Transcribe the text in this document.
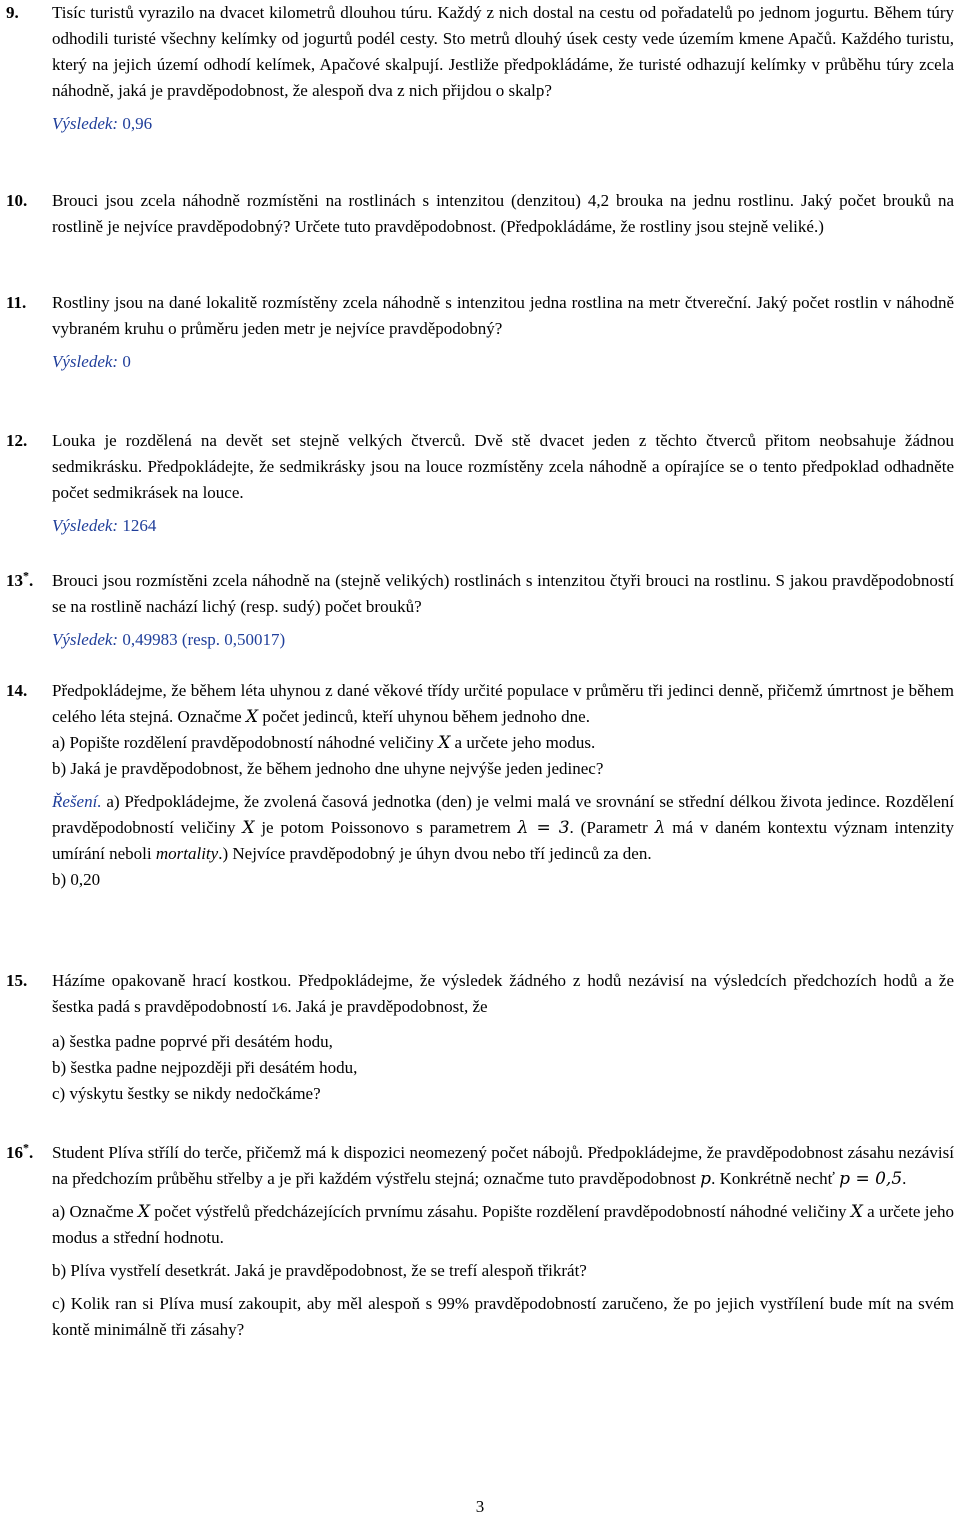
9. Tisíc turistů vyrazilo na dvacet kilometrů dlouhou túru. Každý z nich dostal na cestu od pořadatelů po jednom jogurtu. Během túry odhodili turisté všechny kelímky od jogurtů podél cesty. Sto metrů dlouhý úsek cesty vede územím kmene Apačů. Každého turistu, který na jejich území odhodí kelímek, Apačové skalpují. Jestliže předpokládáme, že turisté odhazují kelímky v průběhu túry zcela náhodně, jaká je pravděpodobnost, že alespoň dva z nich přijdou o skalp?

Výsledek: 0,96

10. Brouci jsou zcela náhodně rozmístěni na rostlinách s intenzitou (denzitou) 4,2 brouka na jednu rostlinu. Jaký počet brouků na rostlině je nejvíce pravděpodobný? Určete tuto pravděpodobnost. (Předpokládáme, že rostliny jsou stejně veliké.)

11. Rostliny jsou na dané lokalitě rozmístěny zcela náhodně s intenzitou jedna rostlina na metr čtvereční. Jaký počet rostlin v náhodně vybraném kruhu o průměru jeden metr je nejvíce pravděpodobný?

Výsledek: 0

12. Louka je rozdělená na devět set stejně velkých čtverců. Dvě stě dvacet jeden z těchto čtverců přitom neobsahuje žádnou sedmikrásku. Předpokládejte, že sedmikrásky jsou na louce rozmístěny zcela náhodně a opírajíce se o tento předpoklad odhadněte počet sedmikrásek na louce.

Výsledek: 1264

13*. Brouci jsou rozmístěni zcela náhodně na (stejně velikých) rostlinách s intenzitou čtyři brouci na rostlinu. S jakou pravděpodobností se na rostlině nachází lichý (resp. sudý) počet brouků?

Výsledek: 0,49983 (resp. 0,50017)

14. Předpokládejme, že během léta uhynou z dané věkové třídy určité populace v průměru tři jedinci denně, přičemž úmrtnost je během celého léta stejná. Označme X počet jedinců, kteří uhynou během jednoho dne.

a) Popište rozdělení pravděpodobností náhodné veličiny X a určete jeho modus.

b) Jaká je pravděpodobnost, že během jednoho dne uhyne nejvýše jeden jedinec?

Řešení. a) Předpokládejme, že zvolená časová jednotka (den) je velmi malá ve srovnání se střední délkou života jedince. Rozdělení pravděpodobností veličiny X je potom Poissonovo s parametrem λ = 3. (Parametr λ má v daném kontextu význam intenzity umírání neboli mortality.) Nejvíce pravděpodobný je úhyn dvou nebo tří jedinců za den.

b) 0,20

15. Házíme opakovaně hrací kostkou. Předpokládejme, že výsledek žádného z hodů nezávisí na výsledcích předchozích hodů a že šestka padá s pravděpodobností 1⁄6. Jaká je pravděpodobnost, že

a) šestka padne poprvé při desátém hodu,

b) šestka padne nejpozději při desátém hodu,

c) výskytu šestky se nikdy nedočkáme?

16*. Student Plíva střílí do terče, přičemž má k dispozici neomezený počet nábojů. Předpokládejme, že pravděpodobnost zásahu nezávisí na předchozím průběhu střelby a je při každém výstřelu stejná; označme tuto pravděpodobnost p. Konkrétně nechť p = 0,5.

a) Označme X počet výstřelů předcházejících prvnímu zásahu. Popište rozdělení pravděpodobností náhodné veličiny X a určete jeho modus a střední hodnotu.

b) Plíva vystřelí desetkrát. Jaká je pravděpodobnost, že se trefí alespoň třikrát?

c) Kolik ran si Plíva musí zakoupit, aby měl alespoň s 99% pravděpodobností zaručeno, že po jejich vystřílení bude mít na svém kontě minimálně tři zásahy?

3
